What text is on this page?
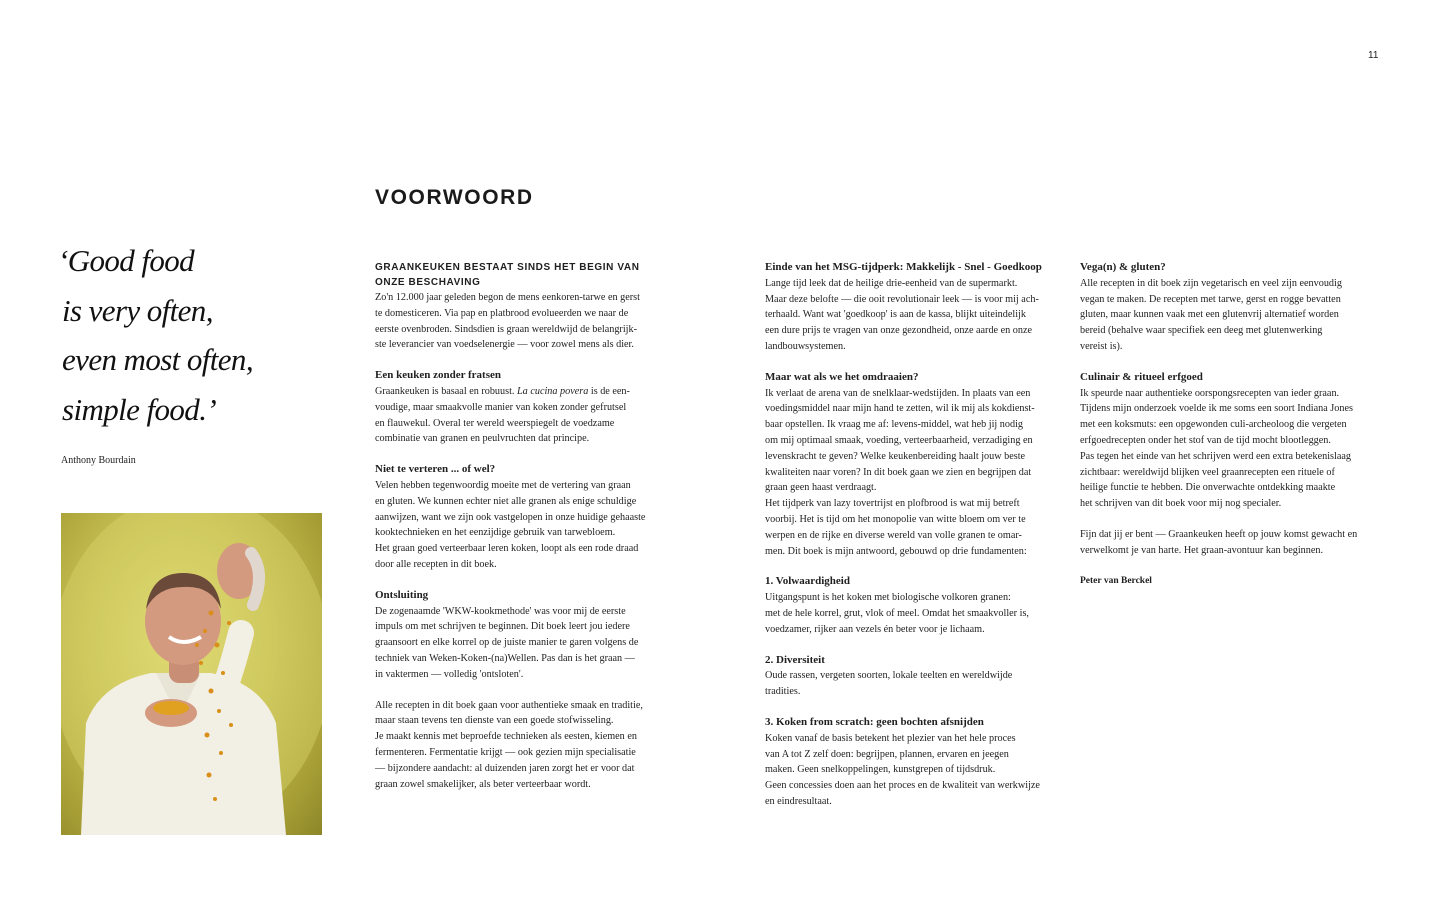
11
VOORWOORD
‘Good food
is very often,
even most often,
simple food.’
Anthony Bourdain

GRAANKEUKEN BESTAAT SINDS HET BEGIN VAN
ONZE BESCHAVING

Zo'n 12.000 jaar geleden begon de mens eenkoren-tarwe en gerst
te domesticeren. Via pap en platbrood evolueerden we naar de
eerste ovenbroden. Sindsdien is graan wereldwijd de belangrijk-
ste leverancier van voedselenergie — voor zowel mens als dier.

Een keuken zonder fratsen

Graankeuken is basaal en robuust. La cucina povera is de een-
voudige, maar smaakvolle manier van koken zonder gefrutsel
en flauwekul. Overal ter wereld weerspiegelt de voedzame
combinatie van granen en peulvruchten dat principe.

Niet te verteren ... of wel?

Velen hebben tegenwoordig moeite met de vertering van graan
en gluten. We kunnen echter niet alle granen als enige schuldige
aanwijzen, want we zijn ook vastgelopen in onze huidige gehaaste
kooktechnieken en het eenzijdige gebruik van tarwebloem.
Het graan goed verteerbaar leren koken, loopt als een rode draad
door alle recepten in dit boek.

Ontsluiting

De zogenaamde 'WKW-kookmethode' was voor mij de eerste
impuls om met schrijven te beginnen. Dit boek leert jou iedere
graansoort en elke korrel op de juiste manier te garen volgens de
techniek van Weken-Koken-(na)Wellen. Pas dan is het graan —
in vaktermen — volledig 'ontsloten'.

Alle recepten in dit boek gaan voor authentieke smaak en traditie,
maar staan tevens ten dienste van een goede stofwisseling.
Je maakt kennis met beproefde technieken als eesten, kiemen en
fermenteren. Fermentatie krijgt — ook gezien mijn specialisatie
— bijzondere aandacht: al duizenden jaren zorgt het er voor dat
graan zowel smakelijker, als beter verteerbaar wordt.

Einde van het MSG-tijdperk: Makkelijk - Snel - Goedkoop

Lange tijd leek dat de heilige drie-eenheid van de supermarkt.
Maar deze belofte — die ooit revolutionair leek — is voor mij ach-
terhaald. Want wat 'goedkoop' is aan de kassa, blijkt uiteindelijk
een dure prijs te vragen van onze gezondheid, onze aarde en onze
landbouwsystemen.

Maar wat als we het omdraaien?

Ik verlaat de arena van de snelklaar-wedstijden. In plaats van een
voedingsmiddel naar mijn hand te zetten, wil ik mij als kokdienst-
baar opstellen. Ik vraag me af: levens-middel, wat heb jij nodig
om mij optimaal smaak, voeding, verteerbaarheid, verzadiging en
levenskracht te geven? Welke keukenbereiding haalt jouw beste
kwaliteiten naar voren? In dit boek gaan we zien en begrijpen dat
graan geen haast verdraagt.
Het tijdperk van lazy tovertrijst en plofbrood is wat mij betreft
voorbij. Het is tijd om het monopolie van witte bloem om ver te
werpen en de rijke en diverse wereld van volle granen te omar-
men. Dit boek is mijn antwoord, gebouwd op drie fundamenten:

1. Volwaardigheid

Uitgangspunt is het koken met biologische volkoren granen:
met de hele korrel, grut, vlok of meel. Omdat het smaakvoller is,
voedzamer, rijker aan vezels én beter voor je lichaam.

2. Diversiteit

Oude rassen, vergeten soorten, lokale teelten en wereldwijde
tradities.

3. Koken from scratch: geen bochten afsnijden

Koken vanaf de basis betekent het plezier van het hele proces
van A tot Z zelf doen: begrijpen, plannen, ervaren en jeegen
maken. Geen snelkoppelingen, kunstgrepen of tijdsdruk.
Geen concessies doen aan het proces en de kwaliteit van werkwijze
en eindresultaat.

Vega(n) & gluten?

Alle recepten in dit boek zijn vegetarisch en veel zijn eenvoudig
vegan te maken. De recepten met tarwe, gerst en rogge bevatten
gluten, maar kunnen vaak met een glutenvrij alternatief worden
bereid (behalve waar specifiek een deeg met glutenwerking
vereist is).

Culinair & ritueel erfgoed

Ik speurde naar authentieke oorspongsrecepten van ieder graan.
Tijdens mijn onderzoek voelde ik me soms een soort Indiana Jones
met een koksmuts: een opgewonden culi-archeoloog die vergeten
erfgoedrecepten onder het stof van de tijd mocht blootleggen.
Pas tegen het einde van het schrijven werd een extra betekenislaag
zichtbaar: wereldwijd blijken veel graanrecepten een rituele of
heilige functie te hebben. Die onverwachte ontdekking maakte
het schrijven van dit boek voor mij nog specialer.

Fijn dat jij er bent — Graankeuken heeft op jouw komst gewacht en
verwelkomt je van harte. Het graan-avontuur kan beginnen.

Peter van Berckel
